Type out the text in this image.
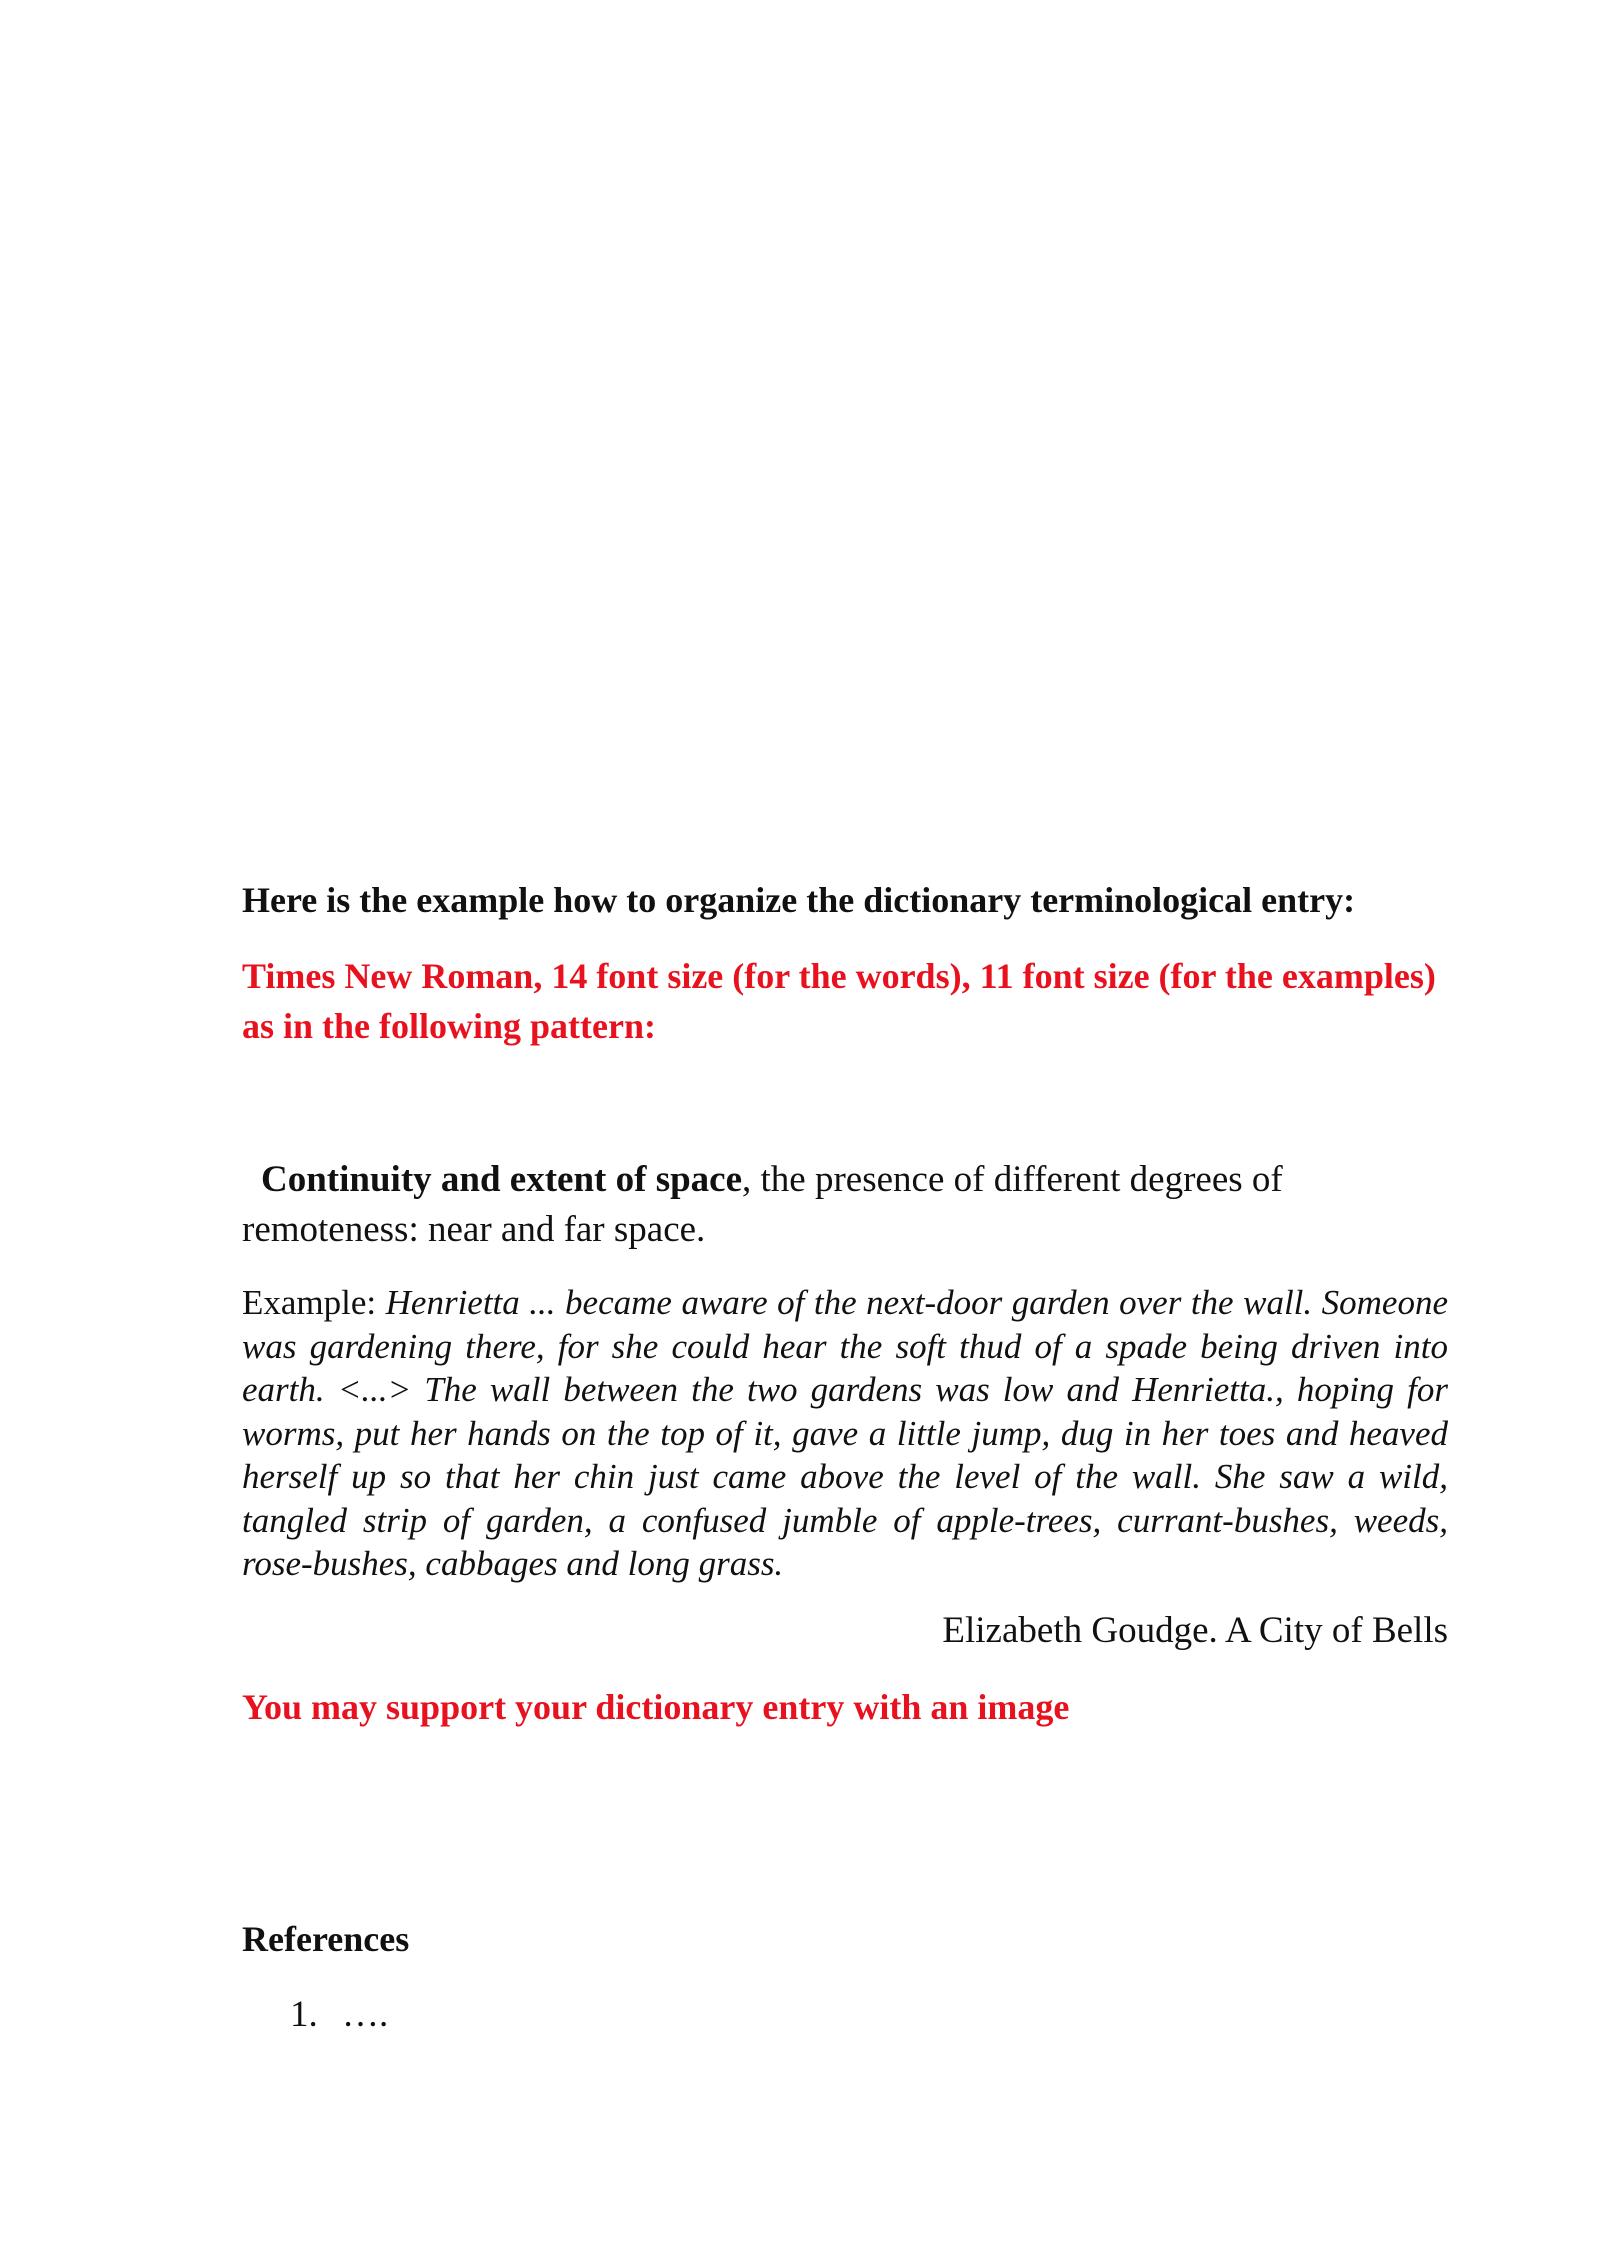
Here is the example how to organize the dictionary terminological entry:

Times New Roman, 14 font size (for the words), 11 font size (for the examples) as in the following pattern:

Continuity and extent of space, the presence of different degrees of remoteness: near and far space.

Example: Henrietta ... became aware of the next-door garden over the wall. Someone was gardening there, for she could hear the soft thud of a spade being driven into earth. <...> The wall between the two gardens was low and Henrietta., hoping for worms, put her hands on the top of it, gave a little jump, dug in her toes and heaved herself up so that her chin just came above the level of the wall. She saw a wild, tangled strip of garden, a confused jumble of apple-trees, currant-bushes, weeds, rose-bushes, cabbages and long grass.

Elizabeth Goudge. A City of Bells

You may support your dictionary entry with an image

References

1. ….
